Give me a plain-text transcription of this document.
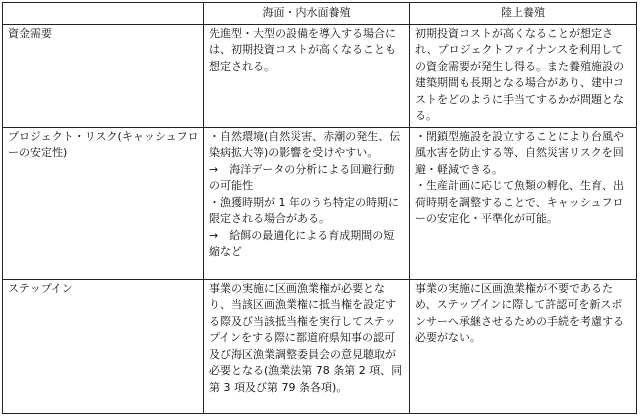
	海面・内水面養殖	陸上養殖
資金需要	先進型・大型の設備を導入する場合には、初期投資コストが高くなることも想定される。	初期投資コストが高くなることが想定され、プロジェクトファイナンスを利用しての資金需要が発生し得る。また養殖施設の建築期間も長期となる場合があり、建中コストをどのように手当てするかが問題となる。
プロジェクト・リスク(キャッシュフローの安定性)	・自然環境(自然災害、赤潮の発生、伝染病拡大等)の影響を受けやすい。
→　海洋データの分析による回避行動の可能性
・漁獲時期が 1 年のうち特定の時期に限定される場合がある。
→　給餌の最適化による育成期間の短縮など	・閉鎖型施設を設立することにより台風や風水害を防止する等、自然災害リスクを回避・軽減できる。
・生産計画に応じて魚類の孵化、生育、出荷時期を調整することで、キャッシュフローの安定化・平準化が可能。
ステップイン	事業の実施に区画漁業権が必要となり、当該区画漁業権に抵当権を設定する際及び当該抵当権を実行してステップインをする際に都道府県知事の認可及び海区漁業調整委員会の意見聴取が必要となる(漁業法第 78 条第 2 項、同第 3 項及び第 79 条各項)。	事業の実施に区画漁業権が不要であるため、ステップインに際して許認可を新スポンサーへ承継させるための手続を考慮する必要がない。
